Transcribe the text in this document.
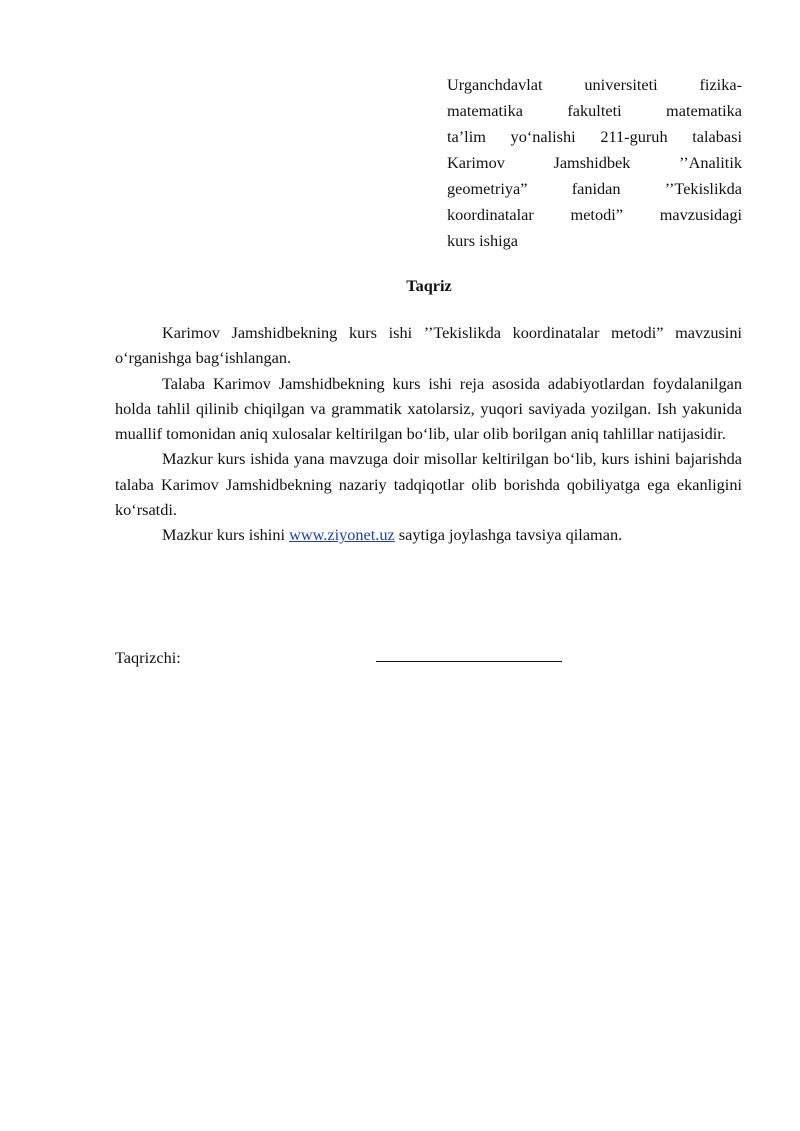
Urganchdavlat universiteti fizika-
matematika fakulteti matematika
ta’lim yo‘nalishi 211-guruh talabasi
Karimov Jamshidbek ’’Analitik
geometriya” fanidan ’’Tekislikda
koordinatalar metodi” mavzusidagi
kurs ishiga
Taqriz

Karimov Jamshidbekning kurs ishi ’’Tekislikda koordinatalar metodi” mavzusini o‘rganishga bag‘ishlangan.

Talaba Karimov Jamshidbekning kurs ishi reja asosida adabiyotlardan foydalanilgan holda tahlil qilinib chiqilgan va grammatik xatolarsiz, yuqori saviyada yozilgan. Ish yakunida muallif tomonidan aniq xulosalar keltirilgan bo‘lib, ular olib borilgan aniq tahlillar natijasidir.

Mazkur kurs ishida yana mavzuga doir misollar keltirilgan bo‘lib, kurs ishini bajarishda talaba Karimov Jamshidbekning nazariy tadqiqotlar olib borishda qobiliyatga ega ekanligini ko‘rsatdi.

Mazkur kurs ishini www.ziyonet.uz saytiga joylashga tavsiya qilaman.

Taqrizchi:
